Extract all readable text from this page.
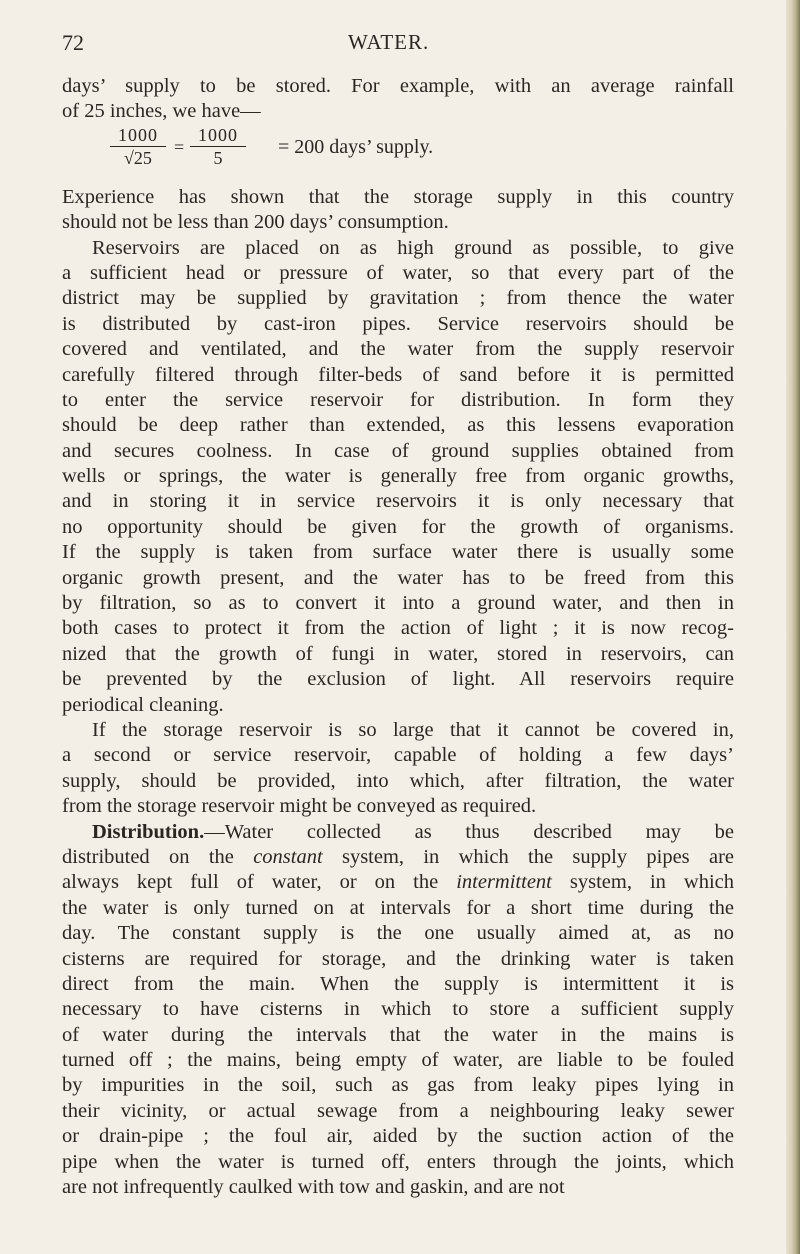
72	WATER.
days’ supply to be stored. For example, with an average rainfall
of 25 inches, we have—
1000
√25
=
1000
5	= 200 days’ supply.
Experience has shown that the storage supply in this country
should not be less than 200 days’ consumption.
Reservoirs are placed on as high ground as possible, to give
a sufficient head or pressure of water, so that every part of the
district may be supplied by gravitation ; from thence the water
is distributed by cast-iron pipes. Service reservoirs should be
covered and ventilated, and the water from the supply reservoir
carefully filtered through filter-beds of sand before it is permitted
to enter the service reservoir for distribution. In form they
should be deep rather than extended, as this lessens evaporation
and secures coolness. In case of ground supplies obtained from
wells or springs, the water is generally free from organic growths,
and in storing it in service reservoirs it is only necessary that
no opportunity should be given for the growth of organisms.
If the supply is taken from surface water there is usually some
organic growth present, and the water has to be freed from this
by filtration, so as to convert it into a ground water, and then in
both cases to protect it from the action of light ; it is now recog-
nized that the growth of fungi in water, stored in reservoirs, can
be prevented by the exclusion of light. All reservoirs require
periodical cleaning.
If the storage reservoir is so large that it cannot be covered in,
a second or service reservoir, capable of holding a few days’
supply, should be provided, into which, after filtration, the water
from the storage reservoir might be conveyed as required.
Distribution.—Water collected as thus described may be
distributed on the constant system, in which the supply pipes are
always kept full of water, or on the intermittent system, in which
the water is only turned on at intervals for a short time during the
day. The constant supply is the one usually aimed at, as no
cisterns are required for storage, and the drinking water is taken
direct from the main. When the supply is intermittent it is
necessary to have cisterns in which to store a sufficient supply
of water during the intervals that the water in the mains is
turned off ; the mains, being empty of water, are liable to be fouled
by impurities in the soil, such as gas from leaky pipes lying in
their vicinity, or actual sewage from a neighbouring leaky sewer
or drain-pipe ; the foul air, aided by the suction action of the
pipe when the water is turned off, enters through the joints, which
are not infrequently caulked with tow and gaskin, and are not
